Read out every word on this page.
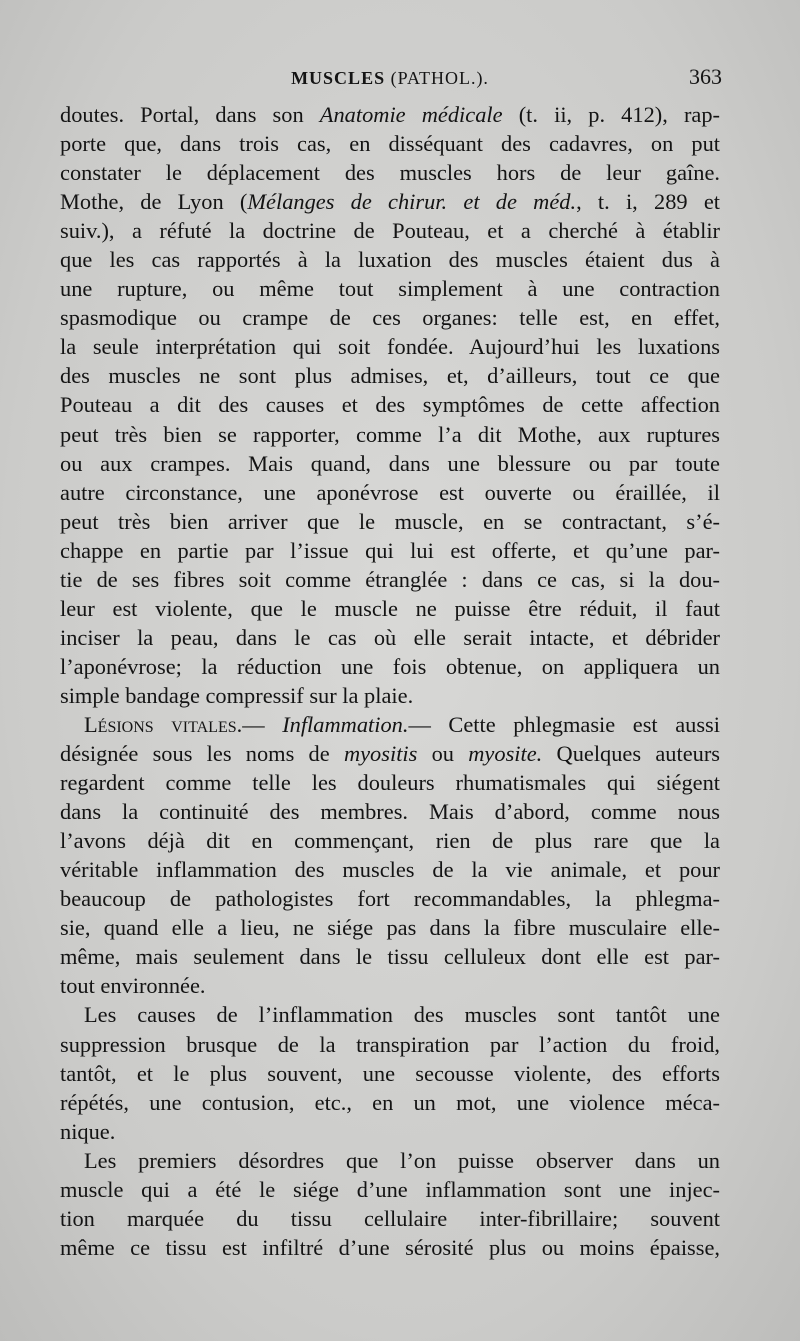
MUSCLES (PATHOL.).	363
doutes. Portal, dans son Anatomie médicale (t. ii, p. 412), rap-
porte que, dans trois cas, en disséquant des cadavres, on put
constater le déplacement des muscles hors de leur gaîne.
Mothe, de Lyon (Mélanges de chirur. et de méd., t. i, 289 et
suiv.), a réfuté la doctrine de Pouteau, et a cherché à établir
que les cas rapportés à la luxation des muscles étaient dus à
une rupture, ou même tout simplement à une contraction
spasmodique ou crampe de ces organes: telle est, en effet,
la seule interprétation qui soit fondée. Aujourd’hui les luxations
des muscles ne sont plus admises, et, d’ailleurs, tout ce que
Pouteau a dit des causes et des symptômes de cette affection
peut très bien se rapporter, comme l’a dit Mothe, aux ruptures
ou aux crampes. Mais quand, dans une blessure ou par toute
autre circonstance, une aponévrose est ouverte ou éraillée, il
peut très bien arriver que le muscle, en se contractant, s’é-
chappe en partie par l’issue qui lui est offerte, et qu’une par-
tie de ses fibres soit comme étranglée : dans ce cas, si la dou-
leur est violente, que le muscle ne puisse être réduit, il faut
inciser la peau, dans le cas où elle serait intacte, et débrider
l’aponévrose; la réduction une fois obtenue, on appliquera un
simple bandage compressif sur la plaie.
Lésions vitales.— Inflammation.— Cette phlegmasie est aussi
désignée sous les noms de myositis ou myosite. Quelques auteurs
regardent comme telle les douleurs rhumatismales qui siégent
dans la continuité des membres. Mais d’abord, comme nous
l’avons déjà dit en commençant, rien de plus rare que la
véritable inflammation des muscles de la vie animale, et pour
beaucoup de pathologistes fort recommandables, la phlegma-
sie, quand elle a lieu, ne siége pas dans la fibre musculaire elle-
même, mais seulement dans le tissu celluleux dont elle est par-
tout environnée.
Les causes de l’inflammation des muscles sont tantôt une
suppression brusque de la transpiration par l’action du froid,
tantôt, et le plus souvent, une secousse violente, des efforts
répétés, une contusion, etc., en un mot, une violence méca-
nique.
Les premiers désordres que l’on puisse observer dans un
muscle qui a été le siége d’une inflammation sont une injec-
tion marquée du tissu cellulaire inter-fibrillaire; souvent
même ce tissu est infiltré d’une sérosité plus ou moins épaisse,
